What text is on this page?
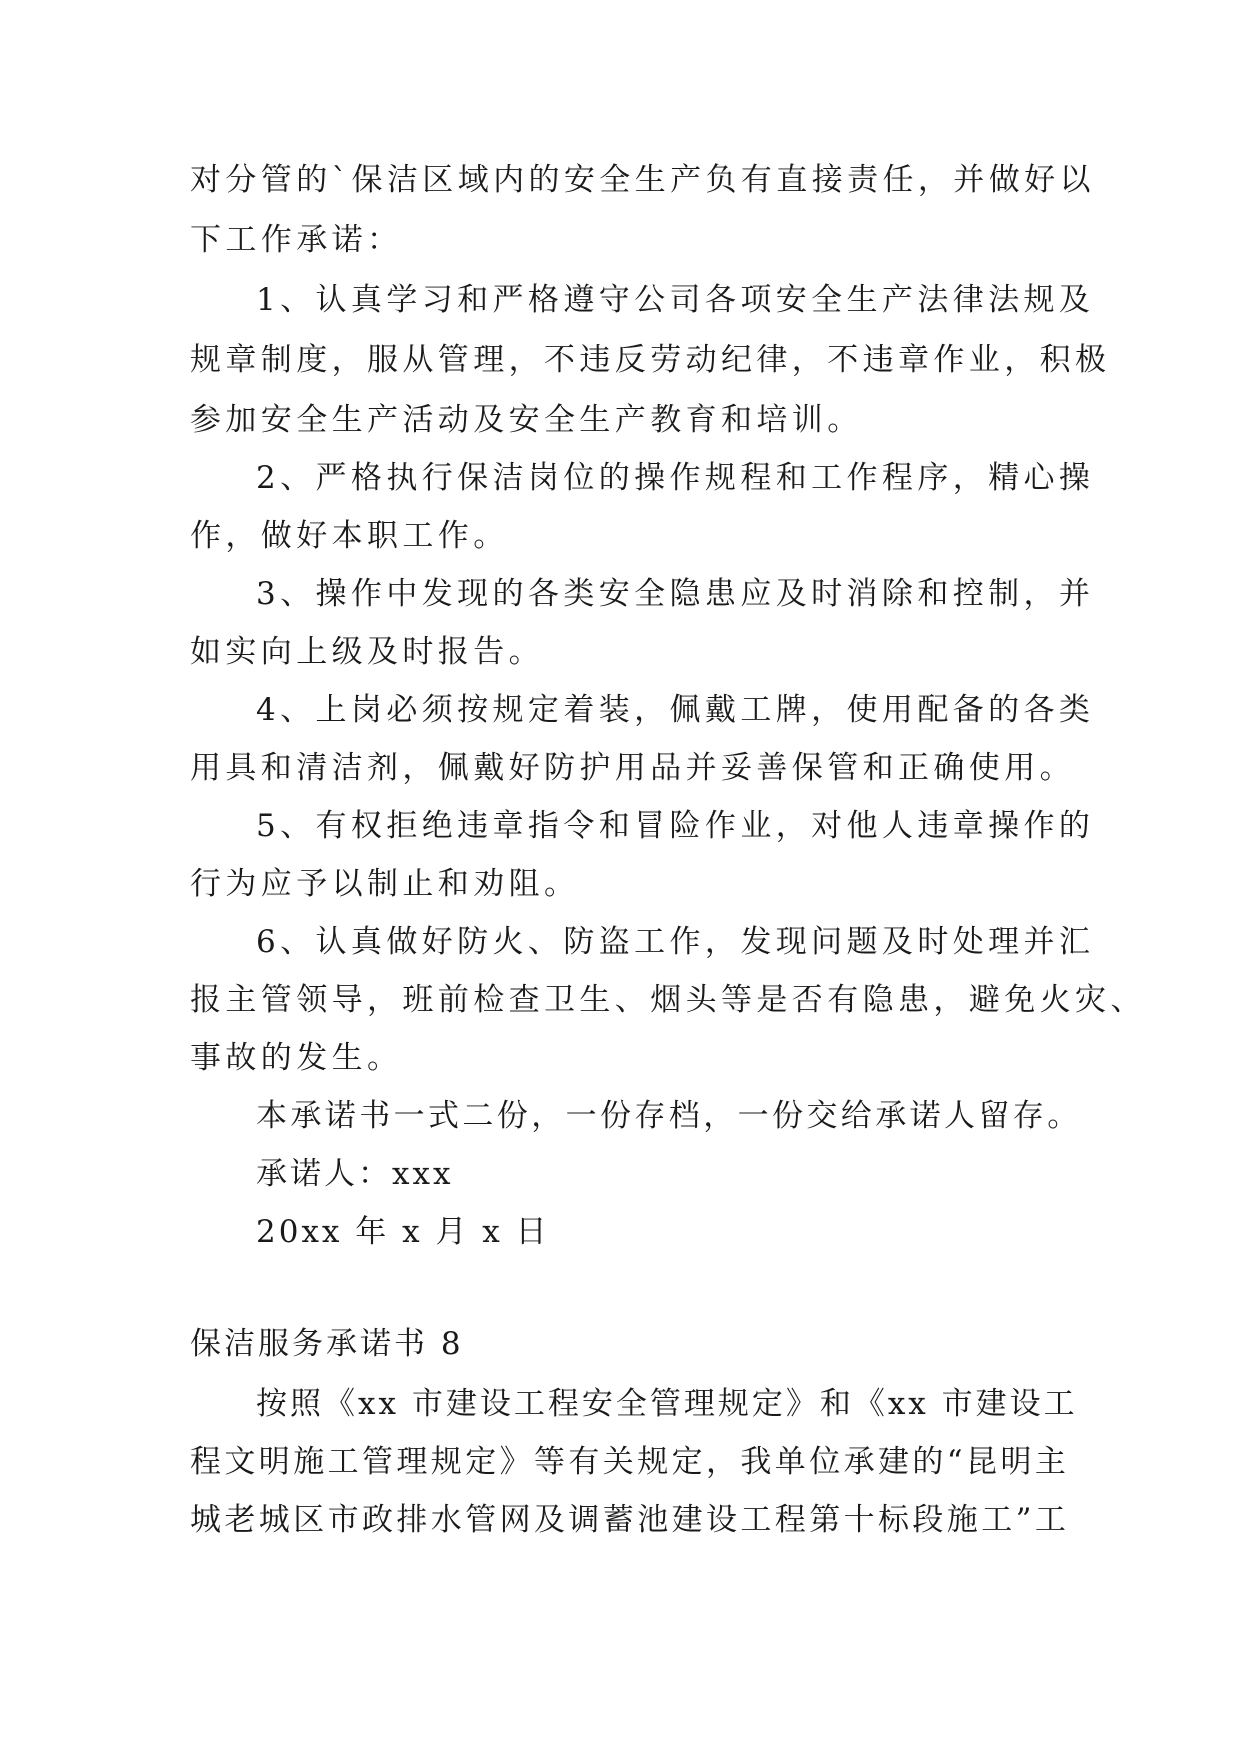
对分管的`保洁区域内的安全生产负有直接责任，并做好以
下工作承诺：
1、认真学习和严格遵守公司各项安全生产法律法规及
规章制度，服从管理，不违反劳动纪律，不违章作业，积极
参加安全生产活动及安全生产教育和培训。
2、严格执行保洁岗位的操作规程和工作程序，精心操
作，做好本职工作。
3、操作中发现的各类安全隐患应及时消除和控制，并
如实向上级及时报告。
4、上岗必须按规定着装，佩戴工牌，使用配备的各类
用具和清洁剂，佩戴好防护用品并妥善保管和正确使用。
5、有权拒绝违章指令和冒险作业，对他人违章操作的
行为应予以制止和劝阻。
6、认真做好防火、防盗工作，发现问题及时处理并汇
报主管领导，班前检查卫生、烟头等是否有隐患，避免火灾、
事故的发生。
本承诺书一式二份，一份存档，一份交给承诺人留存。
承诺人：xxx
20xx 年 x 月 x 日
保洁服务承诺书 8
按照《xx 市建设工程安全管理规定》和《xx 市建设工
程文明施工管理规定》等有关规定，我单位承建的“昆明主
城老城区市政排水管网及调蓄池建设工程第十标段施工”工
